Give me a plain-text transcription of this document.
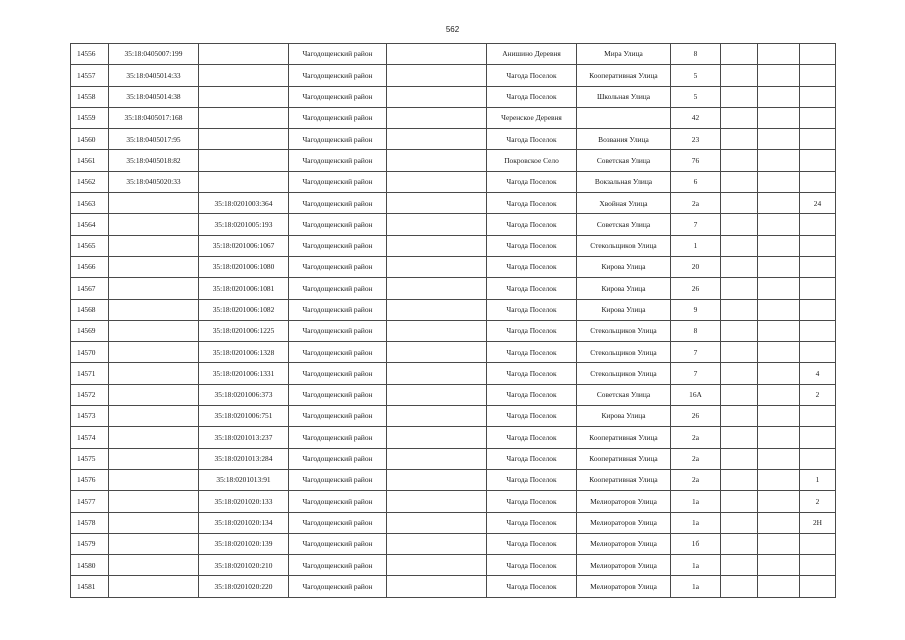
562
14556	35:18:0405007:199		Чагодощенский район		Анишино Деревня	Мира Улица	8			
14557	35:18:0405014:33		Чагодощенский район		Чагода Поселок	Кооперативная Улица	5			
14558	35:18:0405014:38		Чагодощенский район		Чагода Поселок	Школьная Улица	5			
14559	35:18:0405017:168		Чагодощенский район		Черенское Деревня		42			
14560	35:18:0405017:95		Чагодощенский район		Чагода Поселок	Возвания Улица	23			
14561	35:18:0405018:82		Чагодощенский район		Покровское Село	Советская Улица	76			
14562	35:18:0405020:33		Чагодощенский район		Чагода Поселок	Вокзальная Улица	6			
14563		35:18:0201003:364	Чагодощенский район		Чагода Поселок	Хвойная Улица	2а			24
14564		35:18:0201005:193	Чагодощенский район		Чагода Поселок	Советская Улица	7			
14565		35:18:0201006:1067	Чагодощенский район		Чагода Поселок	Стекольщиков Улица	1			
14566		35:18:0201006:1080	Чагодощенский район		Чагода Поселок	Кирова Улица	20			
14567		35:18:0201006:1081	Чагодощенский район		Чагода Поселок	Кирова Улица	26			
14568		35:18:0201006:1082	Чагодощенский район		Чагода Поселок	Кирова Улица	9			
14569		35:18:0201006:1225	Чагодощенский район		Чагода Поселок	Стекольщиков Улица	8			
14570		35:18:0201006:1328	Чагодощенский район		Чагода Поселок	Стекольщиков Улица	7			
14571		35:18:0201006:1331	Чагодощенский район		Чагода Поселок	Стекольщиков Улица	7			4
14572		35:18:0201006:373	Чагодощенский район		Чагода Поселок	Советская Улица	16А			2
14573		35:18:0201006:751	Чагодощенский район		Чагода Поселок	Кирова Улица	26			
14574		35:18:0201013:237	Чагодощенский район		Чагода Поселок	Кооперативная Улица	2а			
14575		35:18:0201013:284	Чагодощенский район		Чагода Поселок	Кооперативная Улица	2а			
14576		35:18:0201013:91	Чагодощенский район		Чагода Поселок	Кооперативная Улица	2а			1
14577		35:18:0201020:133	Чагодощенский район		Чагода Поселок	Мелиораторов Улица	1а			2
14578		35:18:0201020:134	Чагодощенский район		Чагода Поселок	Мелиораторов Улица	1а			2Н
14579		35:18:0201020:139	Чагодощенский район		Чагода Поселок	Мелиораторов Улица	1б			
14580		35:18:0201020:210	Чагодощенский район		Чагода Поселок	Мелиораторов Улица	1а			
14581		35:18:0201020:220	Чагодощенский район		Чагода Поселок	Мелиораторов Улица	1а			
